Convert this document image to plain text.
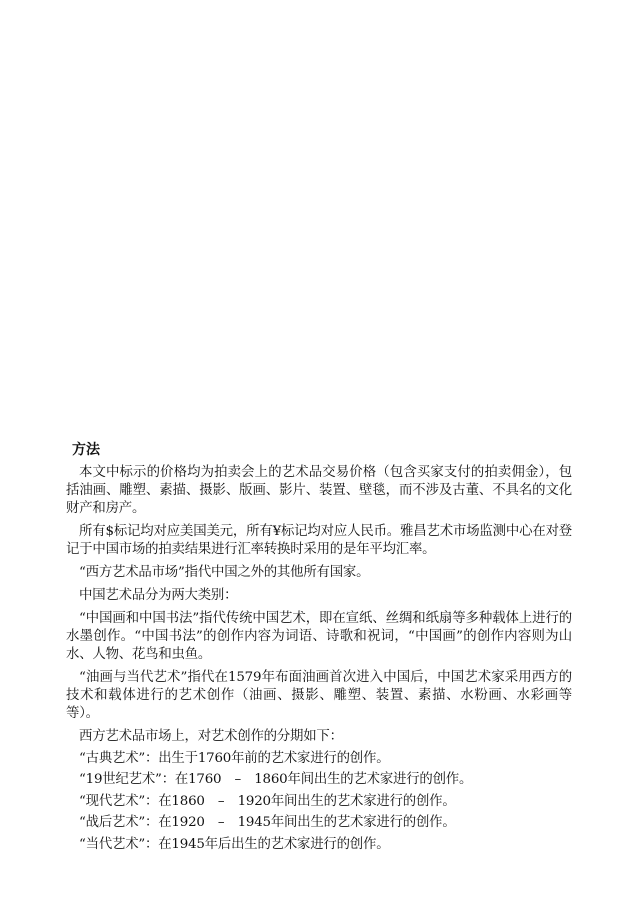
方法

本文中标示的价格均为拍卖会上的艺术品交易价格（包含买家支付的拍卖佣金），包括油画、雕塑、素描、摄影、版画、影片、装置、壁毯，而不涉及古董、不具名的文化财产和房产。

所有$标记均对应美国美元，所有¥标记均对应人民币。雅昌艺术市场监测中心在对登记于中国市场的拍卖结果进行汇率转换时采用的是年平均汇率。

“西方艺术品市场”指代中国之外的其他所有国家。

中国艺术品分为两大类别：

“中国画和中国书法”指代传统中国艺术，即在宣纸、丝绸和纸扇等多种载体上进行的水墨创作。“中国书法”的创作内容为词语、诗歌和祝词，“中国画”的创作内容则为山水、人物、花鸟和虫鱼。

“油画与当代艺术”指代在1579年布面油画首次进入中国后，中国艺术家采用西方的技术和载体进行的艺术创作（油画、摄影、雕塑、装置、素描、水粉画、水彩画等等）。

西方艺术品市场上，对艺术创作的分期如下：

“古典艺术”：出生于1760年前的艺术家进行的创作。
“19世纪艺术”：在1760　–　1860年间出生的艺术家进行的创作。
“现代艺术”：在1860　–　1920年间出生的艺术家进行的创作。
“战后艺术”：在1920　–　1945年间出生的艺术家进行的创作。
“当代艺术”：在1945年后出生的艺术家进行的创作。
